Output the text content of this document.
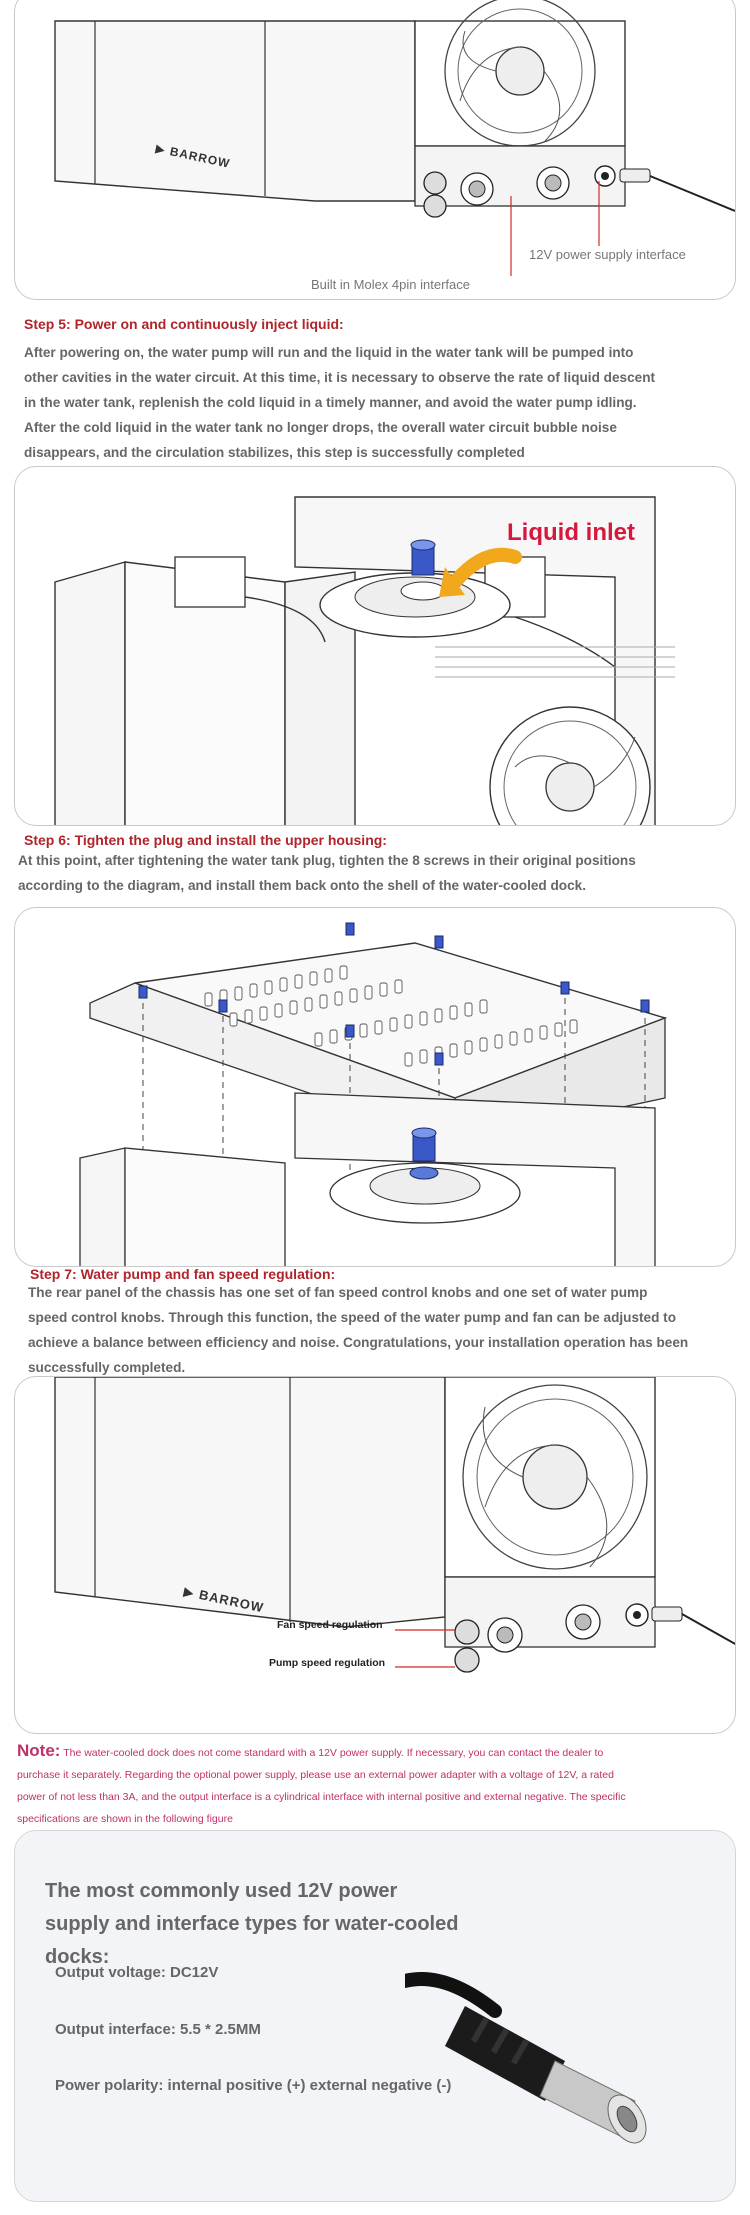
▶ BARROW
12V power supply interface
Built in Molex 4pin interface
Step 5: Power on and continuously inject liquid:
After powering on, the water pump will run and the liquid in the water tank will be pumped into
other cavities in the water circuit. At this time, it is necessary to observe the rate of liquid descent
in the water tank, replenish the cold liquid in a timely manner, and avoid the water pump idling.
After the cold liquid in the water tank no longer drops, the overall water circuit bubble noise
disappears, and the circulation stabilizes, this step is successfully completed
Liquid inlet
Step 6: Tighten the plug and install the upper housing:
At this point, after tightening the water tank plug, tighten the 8 screws in their original positions
according to the diagram, and install them back onto the shell of the water-cooled dock.
Step 7: Water pump and fan speed regulation:
The rear panel of the chassis has one set of fan speed control knobs and one set of water pump
speed control knobs. Through this function, the speed of the water pump and fan can be adjusted to
achieve a balance between efficiency and noise. Congratulations, your installation operation has been
successfully completed.
▶ BARROW
Fan speed regulation
Pump speed regulation
Note: The water-cooled dock does not come standard with a 12V power supply. If necessary, you can contact the dealer to
purchase it separately. Regarding the optional power supply, please use an external power adapter with a voltage of 12V, a rated
power of not less than 3A, and the output interface is a cylindrical interface with internal positive and external negative. The specific
specifications are shown in the following figure
The most commonly used 12V power supply and interface types for water-cooled docks:

Output voltage: DC12V

Output interface: 5.5 * 2.5MM

Power polarity: internal positive (+) external negative (-)
